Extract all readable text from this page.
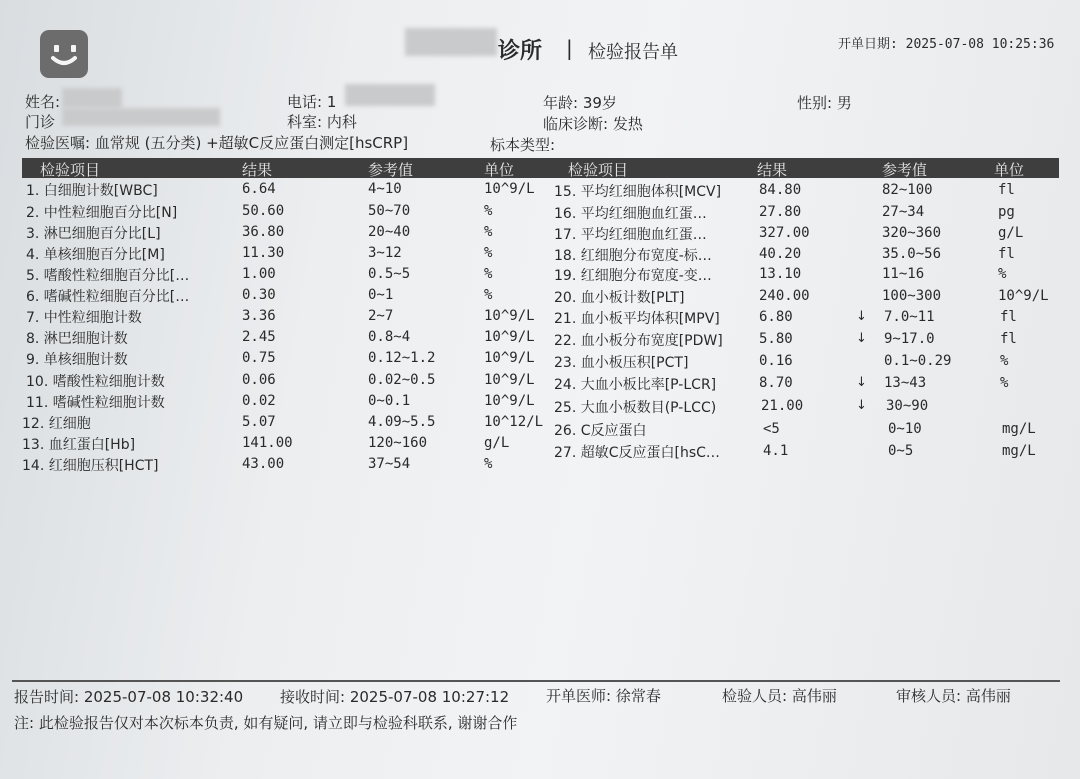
诊所 | 检验报告单	开单日期: 2025-07-08 10:25:36
姓名:	电话: 1	年龄: 39岁	性别: 男
门诊	科室: 内科	临床诊断: 发热
检验医嘱: 血常规 (五分类) +超敏C反应蛋白测定[hsCRP]	标本类型:
检验项目	结果	参考值	单位	检验项目	结果	参考值	单位
1. 白细胞计数[WBC]	6.64	4~10	10^9/L
2. 中性粒细胞百分比[N]	50.60	50~70	%
3. 淋巴细胞百分比[L]	36.80	20~40	%
4. 单核细胞百分比[M]	11.30	3~12	%
5. 嗜酸性粒细胞百分比[…	1.00	0.5~5	%
6. 嗜碱性粒细胞百分比[…	0.30	0~1	%
7. 中性粒细胞计数	3.36	2~7	10^9/L
8. 淋巴细胞计数	2.45	0.8~4	10^9/L
9. 单核细胞计数	0.75	0.12~1.2	10^9/L
10. 嗜酸性粒细胞计数	0.06	0.02~0.5	10^9/L
11. 嗜碱性粒细胞计数	0.02	0~0.1	10^9/L
12. 红细胞	5.07	4.09~5.5	10^12/L
13. 血红蛋白[Hb]	141.00	120~160	g/L
14. 红细胞压积[HCT]	43.00	37~54	%
15. 平均红细胞体积[MCV]	84.80	82~100	fl
16. 平均红细胞血红蛋…	27.80	27~34	pg
17. 平均红细胞血红蛋…	327.00	320~360	g/L
18. 红细胞分布宽度-标…	40.20	35.0~56	fl
19. 红细胞分布宽度-变…	13.10	11~16	%
20. 血小板计数[PLT]	240.00	100~300	10^9/L
21. 血小板平均体积[MPV]	6.80	↓ 7.0~11	fl
22. 血小板分布宽度[PDW]	5.80	↓ 9~17.0	fl
23. 血小板压积[PCT]	0.16	0.1~0.29	%
24. 大血小板比率[P-LCR]	8.70	↓ 13~43	%
25. 大血小板数目(P-LCC)	21.00	↓ 30~90
26. C反应蛋白	<5	0~10	mg/L
27. 超敏C反应蛋白[hsC…	4.1	0~5	mg/L
报告时间: 2025-07-08 10:32:40 接收时间: 2025-07-08 10:27:12 开单医师: 徐常春	检验人员: 高伟丽	审核人员: 高伟丽
注: 此检验报告仅对本次标本负责, 如有疑问, 请立即与检验科联系, 谢谢合作
